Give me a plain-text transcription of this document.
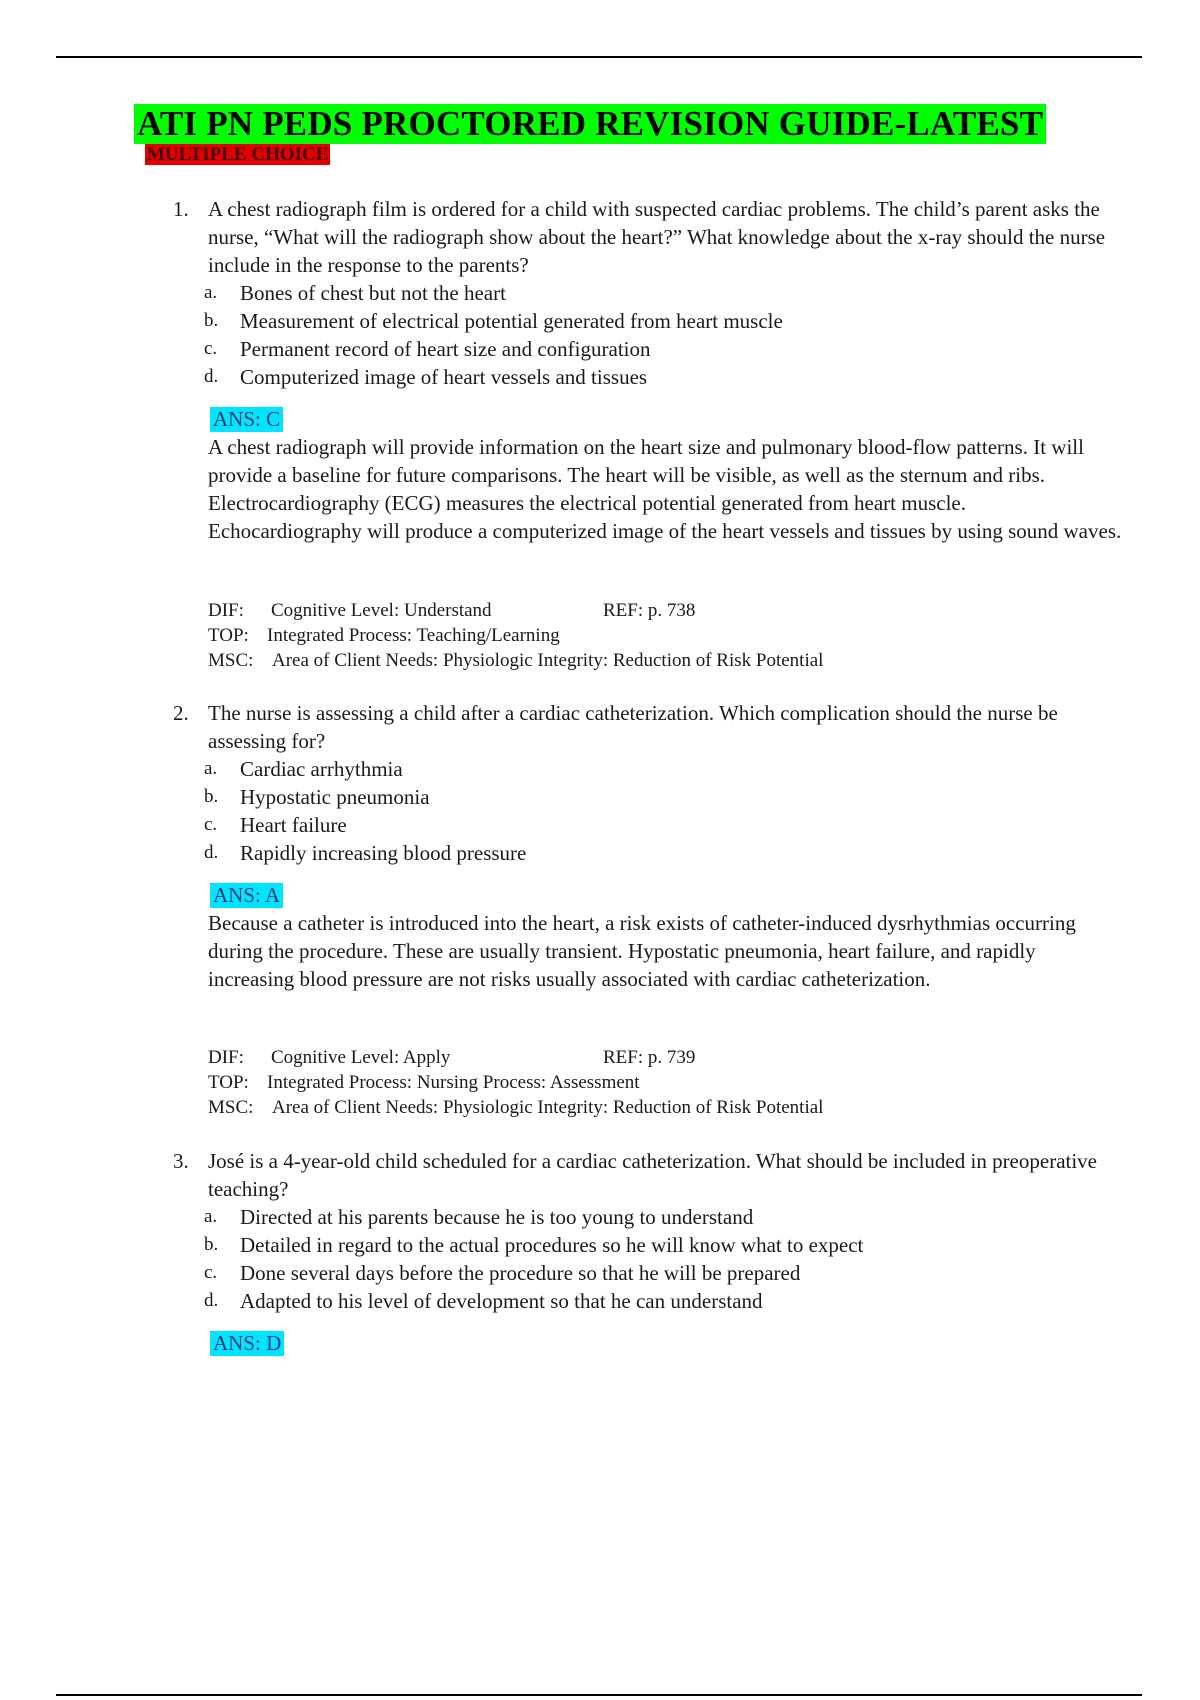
ATI PN PEDS PROCTORED REVISION GUIDE-LATEST
MULTIPLE CHOICE
1. A chest radiograph film is ordered for a child with suspected cardiac problems. The child’s parent asks the nurse, “What will the radiograph show about the heart?” What knowledge about the x-ray should the nurse include in the response to the parents?
a. Bones of chest but not the heart
b. Measurement of electrical potential generated from heart muscle
c. Permanent record of heart size and configuration
d. Computerized image of heart vessels and tissues
ANS: C
A chest radiograph will provide information on the heart size and pulmonary blood-flow patterns. It will provide a baseline for future comparisons. The heart will be visible, as well as the sternum and ribs. Electrocardiography (ECG) measures the electrical potential generated from heart muscle. Echocardiography will produce a computerized image of the heart vessels and tissues by using sound waves.
DIF: Cognitive Level: Understand	REF: p. 738
TOP: Integrated Process: Teaching/Learning
MSC: Area of Client Needs: Physiologic Integrity: Reduction of Risk Potential
2. The nurse is assessing a child after a cardiac catheterization. Which complication should the nurse be assessing for?
a. Cardiac arrhythmia
b. Hypostatic pneumonia
c. Heart failure
d. Rapidly increasing blood pressure
ANS: A
Because a catheter is introduced into the heart, a risk exists of catheter-induced dysrhythmias occurring during the procedure. These are usually transient. Hypostatic pneumonia, heart failure, and rapidly increasing blood pressure are not risks usually associated with cardiac catheterization.
DIF: Cognitive Level: Apply	REF: p. 739
TOP: Integrated Process: Nursing Process: Assessment
MSC: Area of Client Needs: Physiologic Integrity: Reduction of Risk Potential
3. José is a 4-year-old child scheduled for a cardiac catheterization. What should be included in preoperative teaching?
a. Directed at his parents because he is too young to understand
b. Detailed in regard to the actual procedures so he will know what to expect
c. Done several days before the procedure so that he will be prepared
d. Adapted to his level of development so that he can understand
ANS: D
